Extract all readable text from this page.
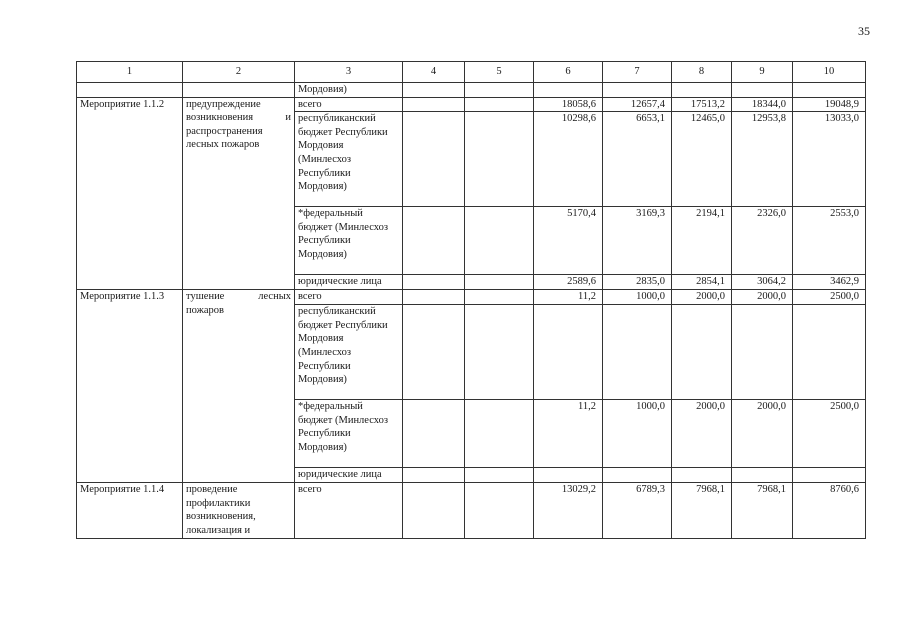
35
1	2	3	4	5	6	7	8	9	10
		Мордовия)							
Мероприятие 1.1.2	предупреждение возникновения и распространения лесных пожаров	всего			18058,6	12657,4	17513,2	18344,0	19048,9
		республиканский бюджет Республики Мордовия (Минлесхоз Республики Мордовия)			10298,6	6653,1	12465,0	12953,8	13033,0
		*федеральный бюджет (Минлесхоз Республики Мордовия)			5170,4	3169,3	2194,1	2326,0	2553,0
		юридические лица			2589,6	2835,0	2854,1	3064,2	3462,9
Мероприятие 1.1.3	тушение лесных пожаров	всего			11,2	1000,0	2000,0	2000,0	2500,0
		республиканский бюджет Республики Мордовия (Минлесхоз Республики Мордовия)							
		*федеральный бюджет (Минлесхоз Республики Мордовия)			11,2	1000,0	2000,0	2000,0	2500,0
		юридические лица							
Мероприятие 1.1.4	проведение профилактики возникновения, локализация и	всего			13029,2	6789,3	7968,1	7968,1	8760,6
